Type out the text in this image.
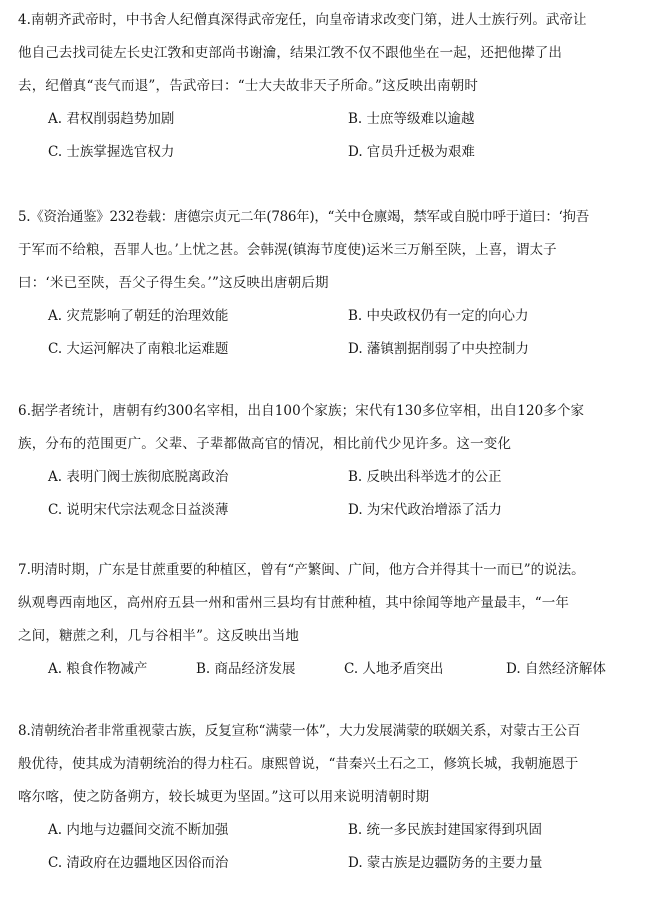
4.南朝齐武帝时，中书舍人纪僧真深得武帝宠任，向皇帝请求改变门第，进人士族行列。武帝让

他自己去找司徒左长史江敩和吏部尚书谢瀹，结果江敩不仅不跟他坐在一起，还把他撵了出

去，纪僧真“丧气而退”，告武帝曰：“士大夫故非天子所命。”这反映出南朝时

A. 君权削弱趋势加剧	B. 士庶等级难以逾越
C. 士族掌握选官权力	D. 官员升迁极为艰难

5.《资治通鉴》232卷载：唐德宗贞元二年(786年)，“关中仓廪竭，禁军或自脱巾呼于道曰：‘拘吾

于军而不给粮，吾罪人也。’上忧之甚。会韩滉(镇海节度使)运米三万斛至陕，上喜，谓太子

曰：‘米已至陕，吾父子得生矣。’”这反映出唐朝后期

A. 灾荒影响了朝廷的治理效能	B. 中央政权仍有一定的向心力
C. 大运河解决了南粮北运难题	D. 藩镇割据削弱了中央控制力

6.据学者统计，唐朝有约300名宰相，出自100个家族；宋代有130多位宰相，出自120多个家

族，分布的范围更广。父辈、子辈都做高官的情况，相比前代少见许多。这一变化

A. 表明门阀士族彻底脱离政治	B. 反映出科举选才的公正
C. 说明宋代宗法观念日益淡薄	D. 为宋代政治增添了活力

7.明清时期，广东是甘蔗重要的种植区，曾有“产繁闽、广间，他方合并得其十一而已”的说法。

纵观粤西南地区，高州府五县一州和雷州三县均有甘蔗种植，其中徐闻等地产量最丰，“一年

之间，糖蔗之利，几与谷相半”。这反映出当地

A. 粮食作物减产	B. 商品经济发展	C. 人地矛盾突出	D. 自然经济解体

8.清朝统治者非常重视蒙古族，反复宣称“满蒙一体”，大力发展满蒙的联姻关系，对蒙古王公百

般优待，使其成为清朝统治的得力柱石。康熙曾说，“昔秦兴土石之工，修筑长城，我朝施恩于

喀尔喀，使之防备朔方，较长城更为坚固。”这可以用来说明清朝时期

A. 内地与边疆间交流不断加强	B. 统一多民族封建国家得到巩固
C. 清政府在边疆地区因俗而治	D. 蒙古族是边疆防务的主要力量
